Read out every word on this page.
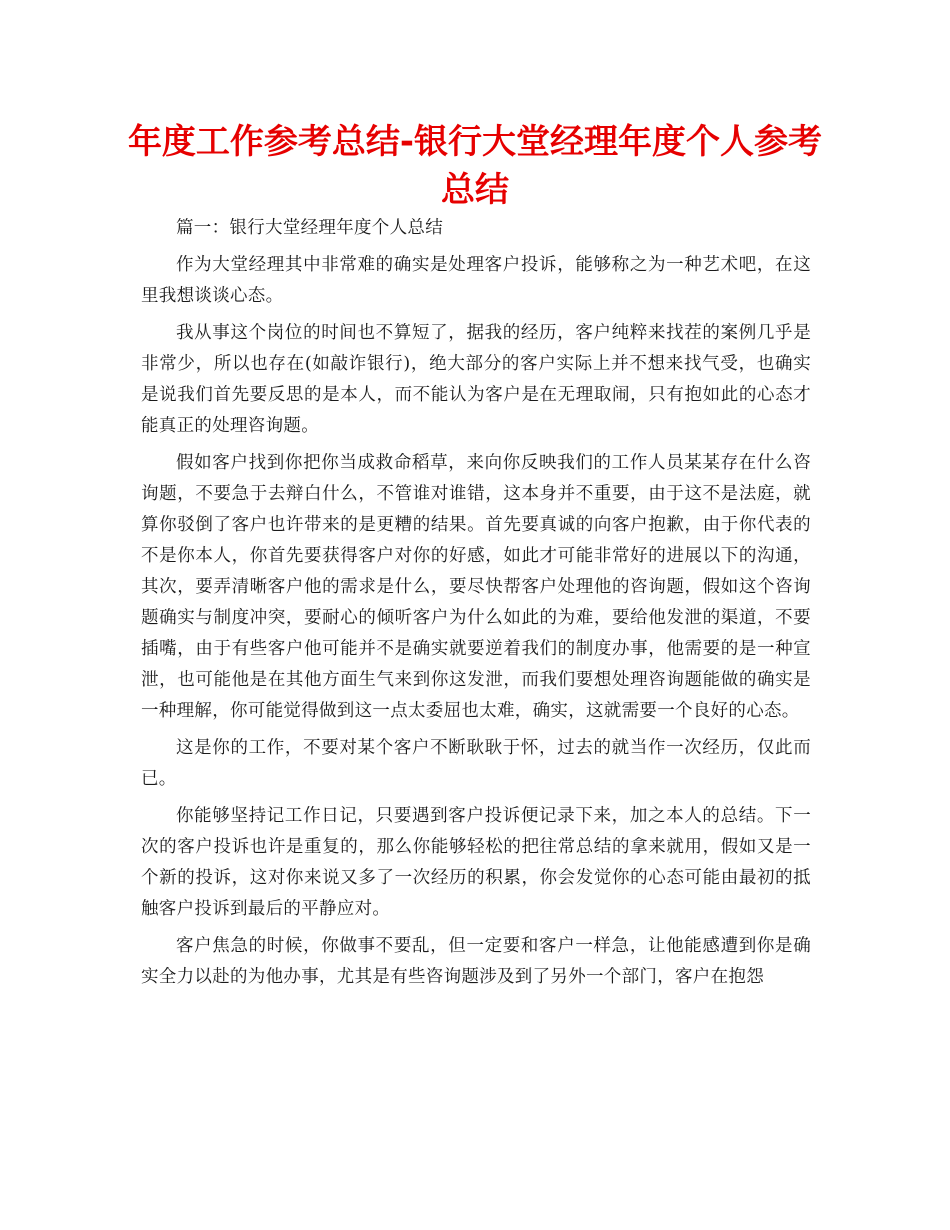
年度工作参考总结-银行大堂经理年度个人参考总结

篇一：银行大堂经理年度个人总结

作为大堂经理其中非常难的确实是处理客户投诉，能够称之为一种艺术吧，在这里我想谈谈心态。

我从事这个岗位的时间也不算短了，据我的经历，客户纯粹来找茬的案例几乎是非常少，所以也存在(如敲诈银行)，绝大部分的客户实际上并不想来找气受，也确实是说我们首先要反思的是本人，而不能认为客户是在无理取闹，只有抱如此的心态才能真正的处理咨询题。

假如客户找到你把你当成救命稻草，来向你反映我们的工作人员某某存在什么咨询题，不要急于去辩白什么，不管谁对谁错，这本身并不重要，由于这不是法庭，就算你驳倒了客户也许带来的是更糟的结果。首先要真诚的向客户抱歉，由于你代表的不是你本人，你首先要获得客户对你的好感，如此才可能非常好的进展以下的沟通，其次，要弄清晰客户他的需求是什么，要尽快帮客户处理他的咨询题，假如这个咨询题确实与制度冲突，要耐心的倾听客户为什么如此的为难，要给他发泄的渠道，不要插嘴，由于有些客户他可能并不是确实就要逆着我们的制度办事，他需要的是一种宣泄，也可能他是在其他方面生气来到你这发泄，而我们要想处理咨询题能做的确实是一种理解，你可能觉得做到这一点太委屈也太难，确实，这就需要一个良好的心态。

这是你的工作，不要对某个客户不断耿耿于怀，过去的就当作一次经历，仅此而已。

你能够坚持记工作日记，只要遇到客户投诉便记录下来，加之本人的总结。下一次的客户投诉也许是重复的，那么你能够轻松的把往常总结的拿来就用，假如又是一个新的投诉，这对你来说又多了一次经历的积累，你会发觉你的心态可能由最初的抵触客户投诉到最后的平静应对。

客户焦急的时候，你做事不要乱，但一定要和客户一样急，让他能感遭到你是确实全力以赴的为他办事，尤其是有些咨询题涉及到了另外一个部门，客户在抱怨
